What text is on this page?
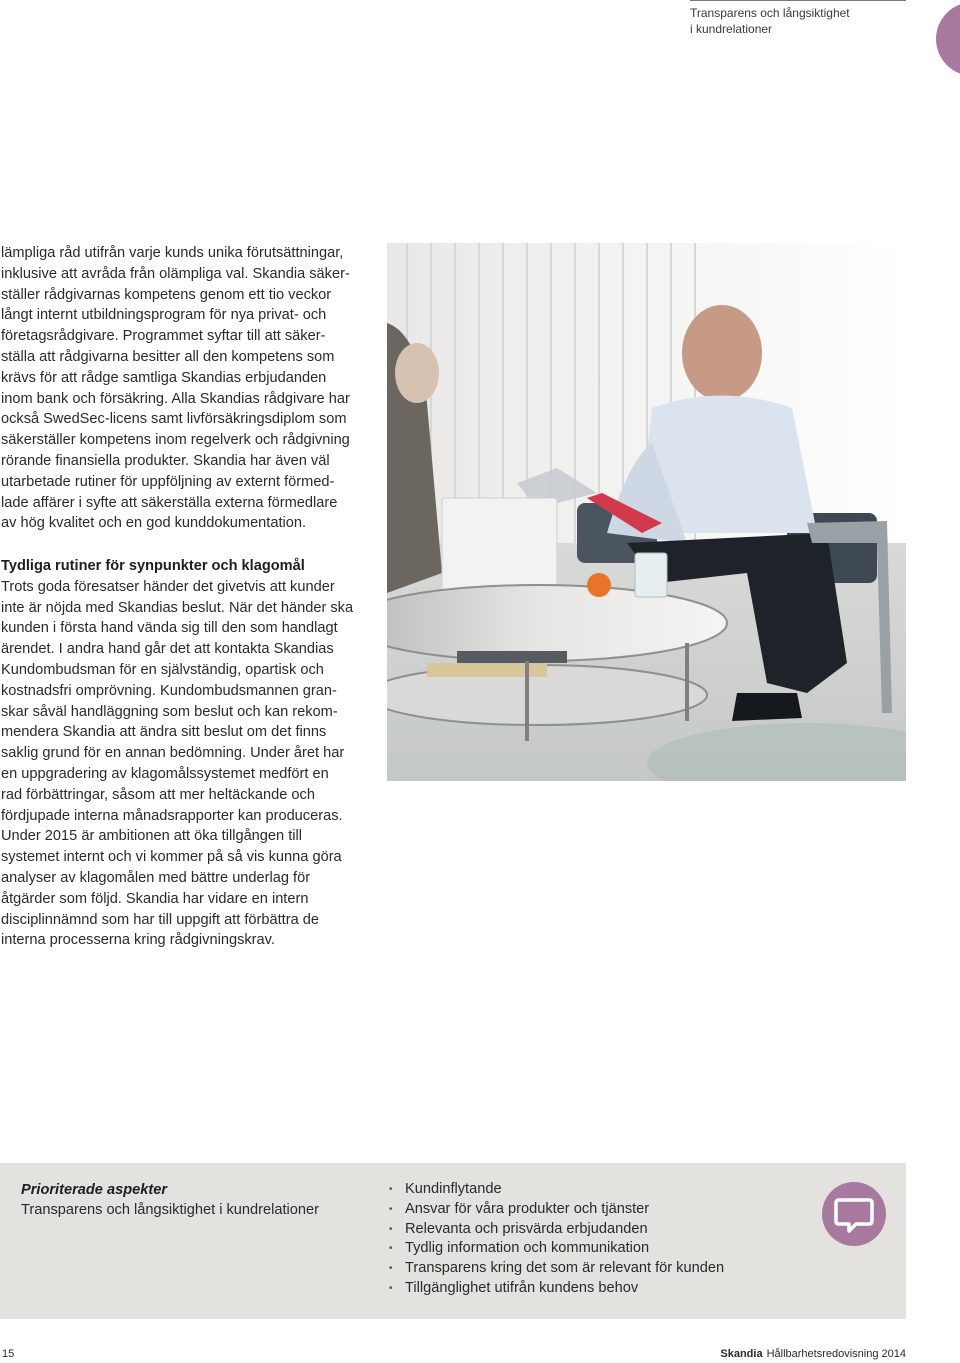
Transparens och långsiktighet
i kundrelationer
lämpliga råd utifrån varje kunds unika förutsättningar,
inklusive att avråda från olämpliga val. Skandia säker-
ställer rådgivarnas kompetens genom ett tio veckor
långt internt utbildningsprogram för nya privat- och
företagsrådgivare. Programmet syftar till att säker-
ställa att rådgivarna besitter all den kompetens som
krävs för att rådge samtliga Skandias erbjudanden
inom bank och försäkring. Alla Skandias rådgivare har
också SwedSec-licens samt livförsäkringsdiplom som
säkerställer kompetens inom regelverk och rådgivning
rörande finansiella produkter. Skandia har även väl
utarbetade rutiner för uppföljning av externt förmed-
lade affärer i syfte att säkerställa externa förmedlare
av hög kvalitet och en god kunddokumentation.
Tydliga rutiner för synpunkter och klagomål
Trots goda föresatser händer det givetvis att kunder
inte är nöjda med Skandias beslut. När det händer ska
kunden i första hand vända sig till den som handlagt
ärendet. I andra hand går det att kontakta Skandias
Kundombudsman för en självständig, opartisk och
kostnadsfri omprövning. Kundombudsmannen gran-
skar såväl handläggning som beslut och kan rekom-
mendera Skandia att ändra sitt beslut om det finns
saklig grund för en annan bedömning. Under året har
en uppgradering av klagomålssystemet medfört en
rad förbättringar, såsom att mer heltäckande och
fördjupade interna månadsrapporter kan produceras.
Under 2015 är ambitionen att öka tillgången till
systemet internt och vi kommer på så vis kunna göra
analyser av klagomålen med bättre underlag för
åtgärder som följd. Skandia har vidare en intern
disciplinnämnd som har till uppgift att förbättra de
interna processerna kring rådgivningskrav.
Prioriterade aspekter
Transparens och långsiktighet i kundrelationer
• Kundinflytande
• Ansvar för våra produkter och tjänster
• Relevanta och prisvärda erbjudanden
• Tydlig information och kommunikation
• Transparens kring det som är relevant för kunden
• Tillgänglighet utifrån kundens behov
15	Skandia Hållbarhetsredovisning 2014
